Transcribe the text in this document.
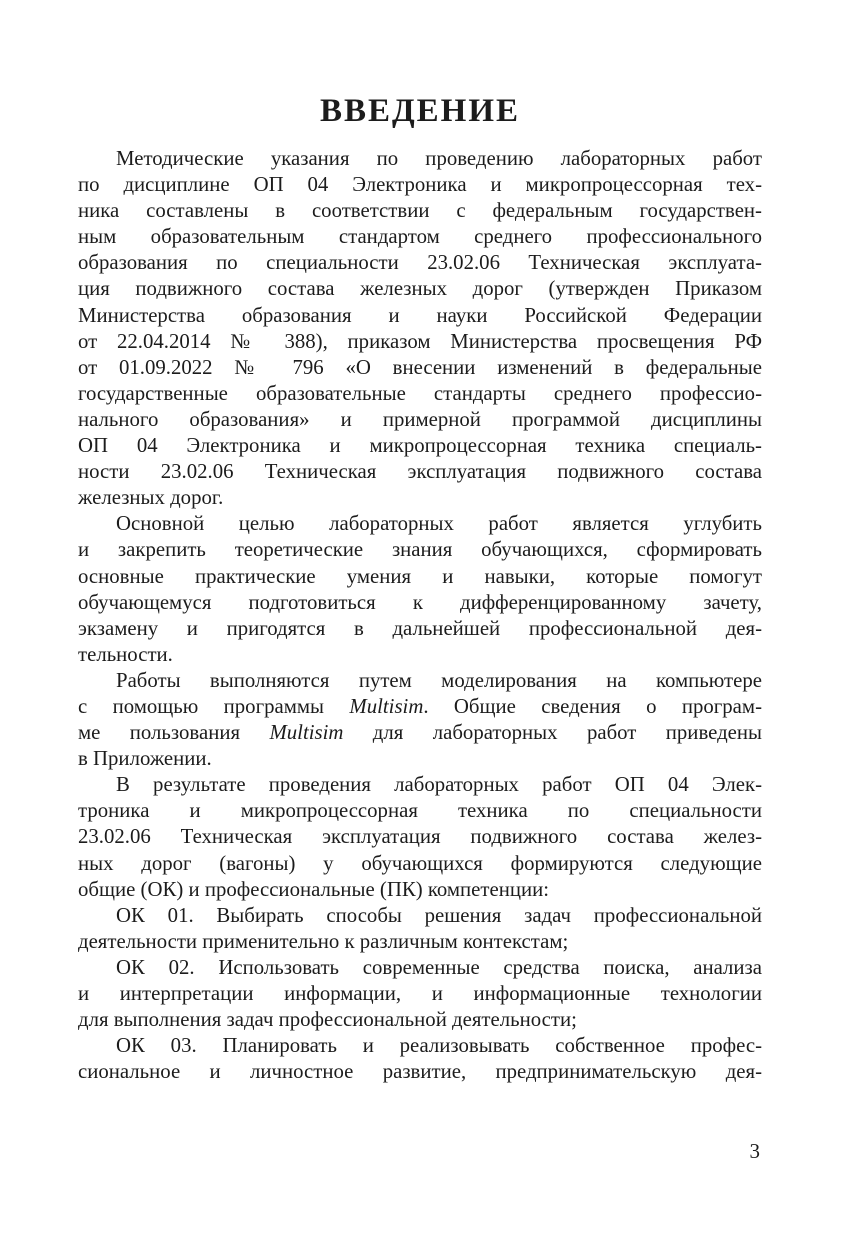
ВВЕДЕНИЕ

Методические указания по проведению лабораторных работ
по дисциплине ОП 04 Электроника и микропроцессорная тех-
ника составлены в соответствии с федеральным государствен-
ным образовательным стандартом среднего профессионального
образования по специальности 23.02.06 Техническая эксплуата-
ция подвижного состава железных дорог (утвержден Приказом
Министерства образования и науки Российской Федерации
от 22.04.2014 № 388), приказом Министерства просвещения РФ
от 01.09.2022 № 796 «О внесении изменений в федеральные
государственные образовательные стандарты среднего профессио-
нального образования» и примерной программой дисциплины
ОП 04 Электроника и микропроцессорная техника специаль-
ности 23.02.06 Техническая эксплуатация подвижного состава
железных дорог.

Основной целью лабораторных работ является углубить
и закрепить теоретические знания обучающихся, сформировать
основные практические умения и навыки, которые помогут
обучающемуся подготовиться к дифференцированному зачету,
экзамену и пригодятся в дальнейшей профессиональной дея-
тельности.

Работы выполняются путем моделирования на компьютере
с помощью программы Multisim. Общие сведения о програм-
ме пользования Multisim для лабораторных работ приведены
в Приложении.

В результате проведения лабораторных работ ОП 04 Элек-
троника и микропроцессорная техника по специальности
23.02.06 Техническая эксплуатация подвижного состава желез-
ных дорог (вагоны) у обучающихся формируются следующие
общие (ОК) и профессиональные (ПК) компетенции:

ОК 01. Выбирать способы решения задач профессиональной
деятельности применительно к различным контекстам;

ОК 02. Использовать современные средства поиска, анализа
и интерпретации информации, и информационные технологии
для выполнения задач профессиональной деятельности;

ОК 03. Планировать и реализовывать собственное профес-
сиональное и личностное развитие, предпринимательскую дея-

3
